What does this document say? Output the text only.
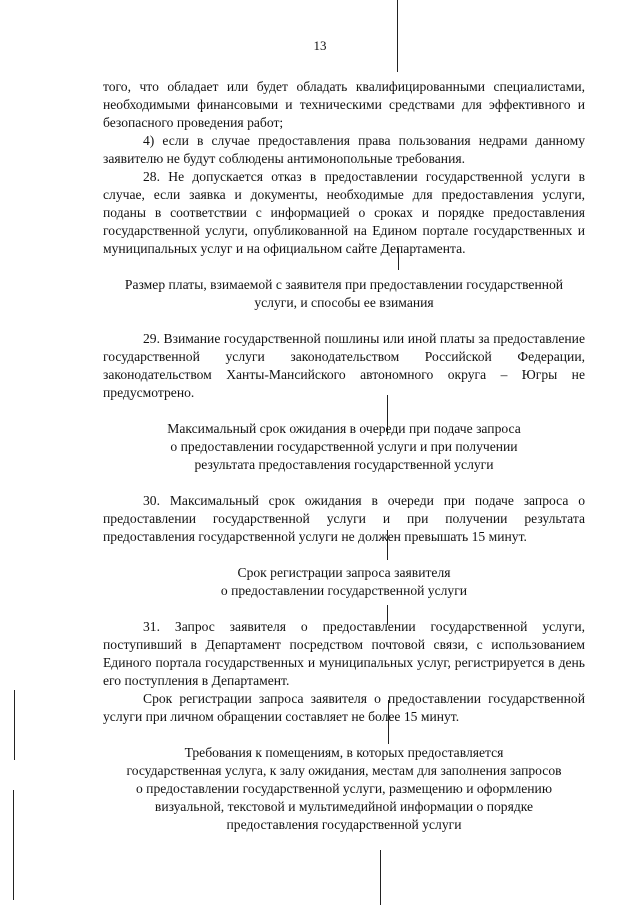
13

того, что обладает или будет обладать квалифицированными специалистами, необходимыми финансовыми и техническими средствами для эффективного и безопасного проведения работ;

4) если в случае предоставления права пользования недрами данному заявителю не будут соблюдены антимонопольные требования.

28. Не допускается отказ в предоставлении государственной услуги в случае, если заявка и документы, необходимые для предоставления услуги, поданы в соответствии с информацией о сроках и порядке предоставления государственной услуги, опубликованной на Едином портале государственных и муниципальных услуг и на официальном сайте Департамента.

Размер платы, взимаемой с заявителя при предоставлении государственной

услуги, и способы ее взимания

29. Взимание государственной пошлины или иной платы за предоставление государственной услуги законодательством Российской Федерации, законодательством Ханты-Мансийского автономного округа – Югры не предусмотрено.

Максимальный срок ожидания в очереди при подаче запроса

о предоставлении государственной услуги и при получении

результата предоставления государственной услуги

30. Максимальный срок ожидания в очереди при подаче запроса о предоставлении государственной услуги и при получении результата предоставления государственной услуги не должен превышать 15 минут.

Срок регистрации запроса заявителя

о предоставлении государственной услуги

31. Запрос заявителя о предоставлении государственной услуги, поступивший в Департамент посредством почтовой связи, с использованием Единого портала государственных и муниципальных услуг, регистрируется в день его поступления в Департамент.

Срок регистрации запроса заявителя о предоставлении государственной услуги при личном обращении составляет не более 15 минут.

Требования к помещениям, в которых предоставляется

государственная услуга, к залу ожидания, местам для заполнения запросов

о предоставлении государственной услуги, размещению и оформлению

визуальной, текстовой и мультимедийной информации о порядке

предоставления государственной услуги
